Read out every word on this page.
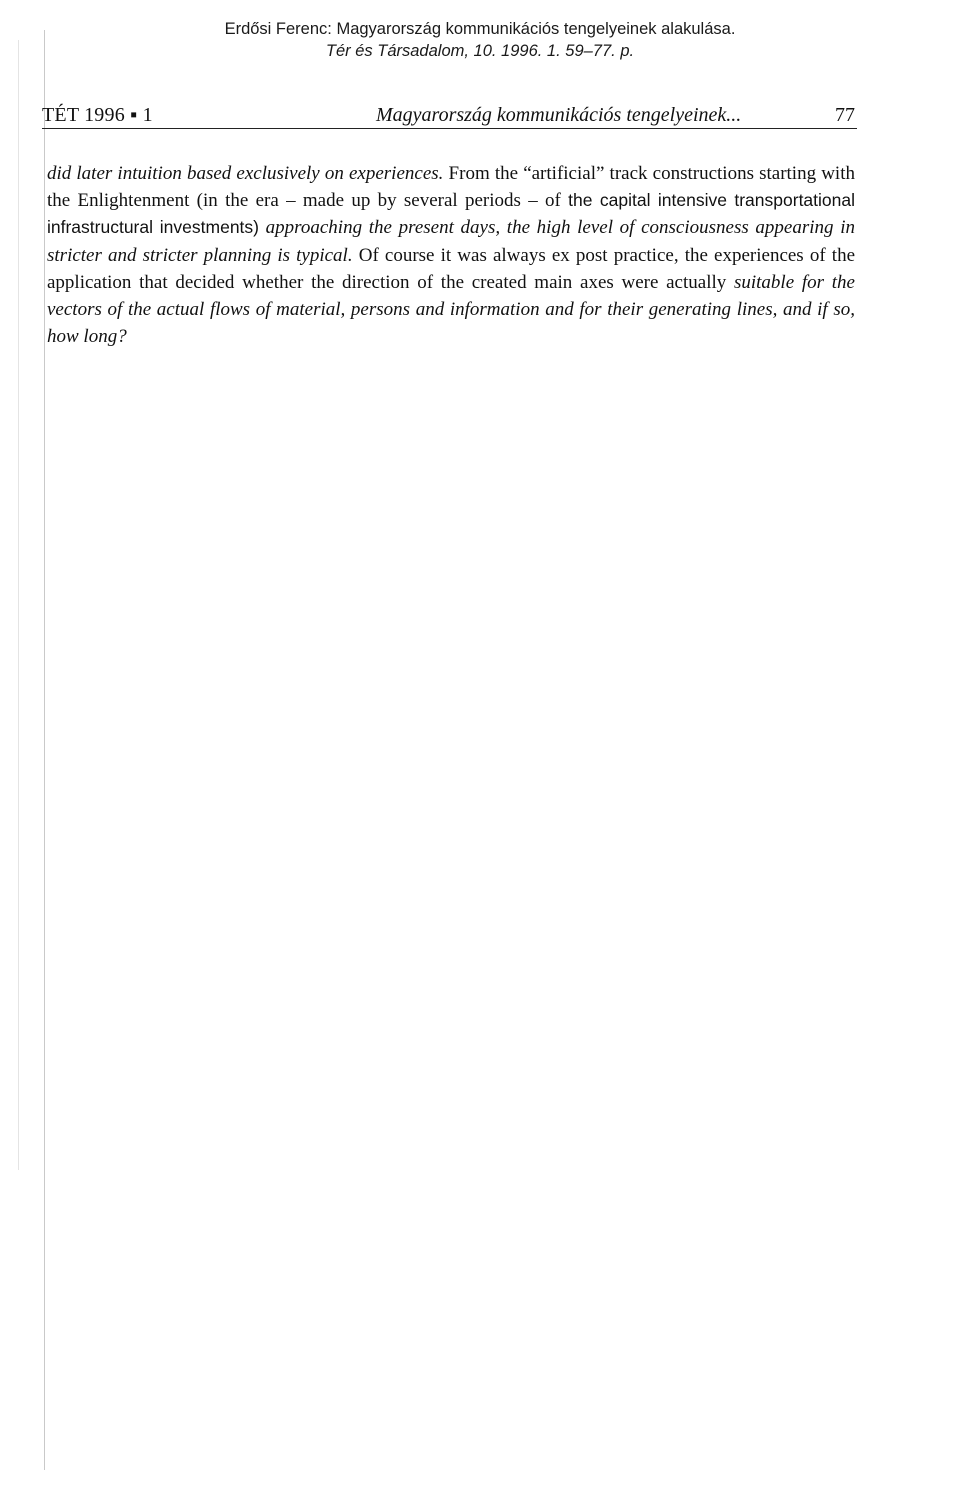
Erdősi Ferenc: Magyarország kommunikációs tengelyeinek alakulása.
Tér és Társadalom, 10. 1996. 1. 59–77. p.
TÉT 1996 ▪ 1	Magyarország kommunikációs tengelyeinek...	77

did later intuition based exclusively on experiences. From the “artificial” track constructions starting with the Enlightenment (in the era – made up by several periods – of the capital intensive transportational infrastructural investments) approaching the present days, the high level of consciousness appearing in stricter and stricter planning is typical. Of course it was always ex post practice, the experiences of the application that decided whether the direction of the created main axes were actually suitable for the vectors of the actual flows of material, persons and information and for their generating lines, and if so, how long?
